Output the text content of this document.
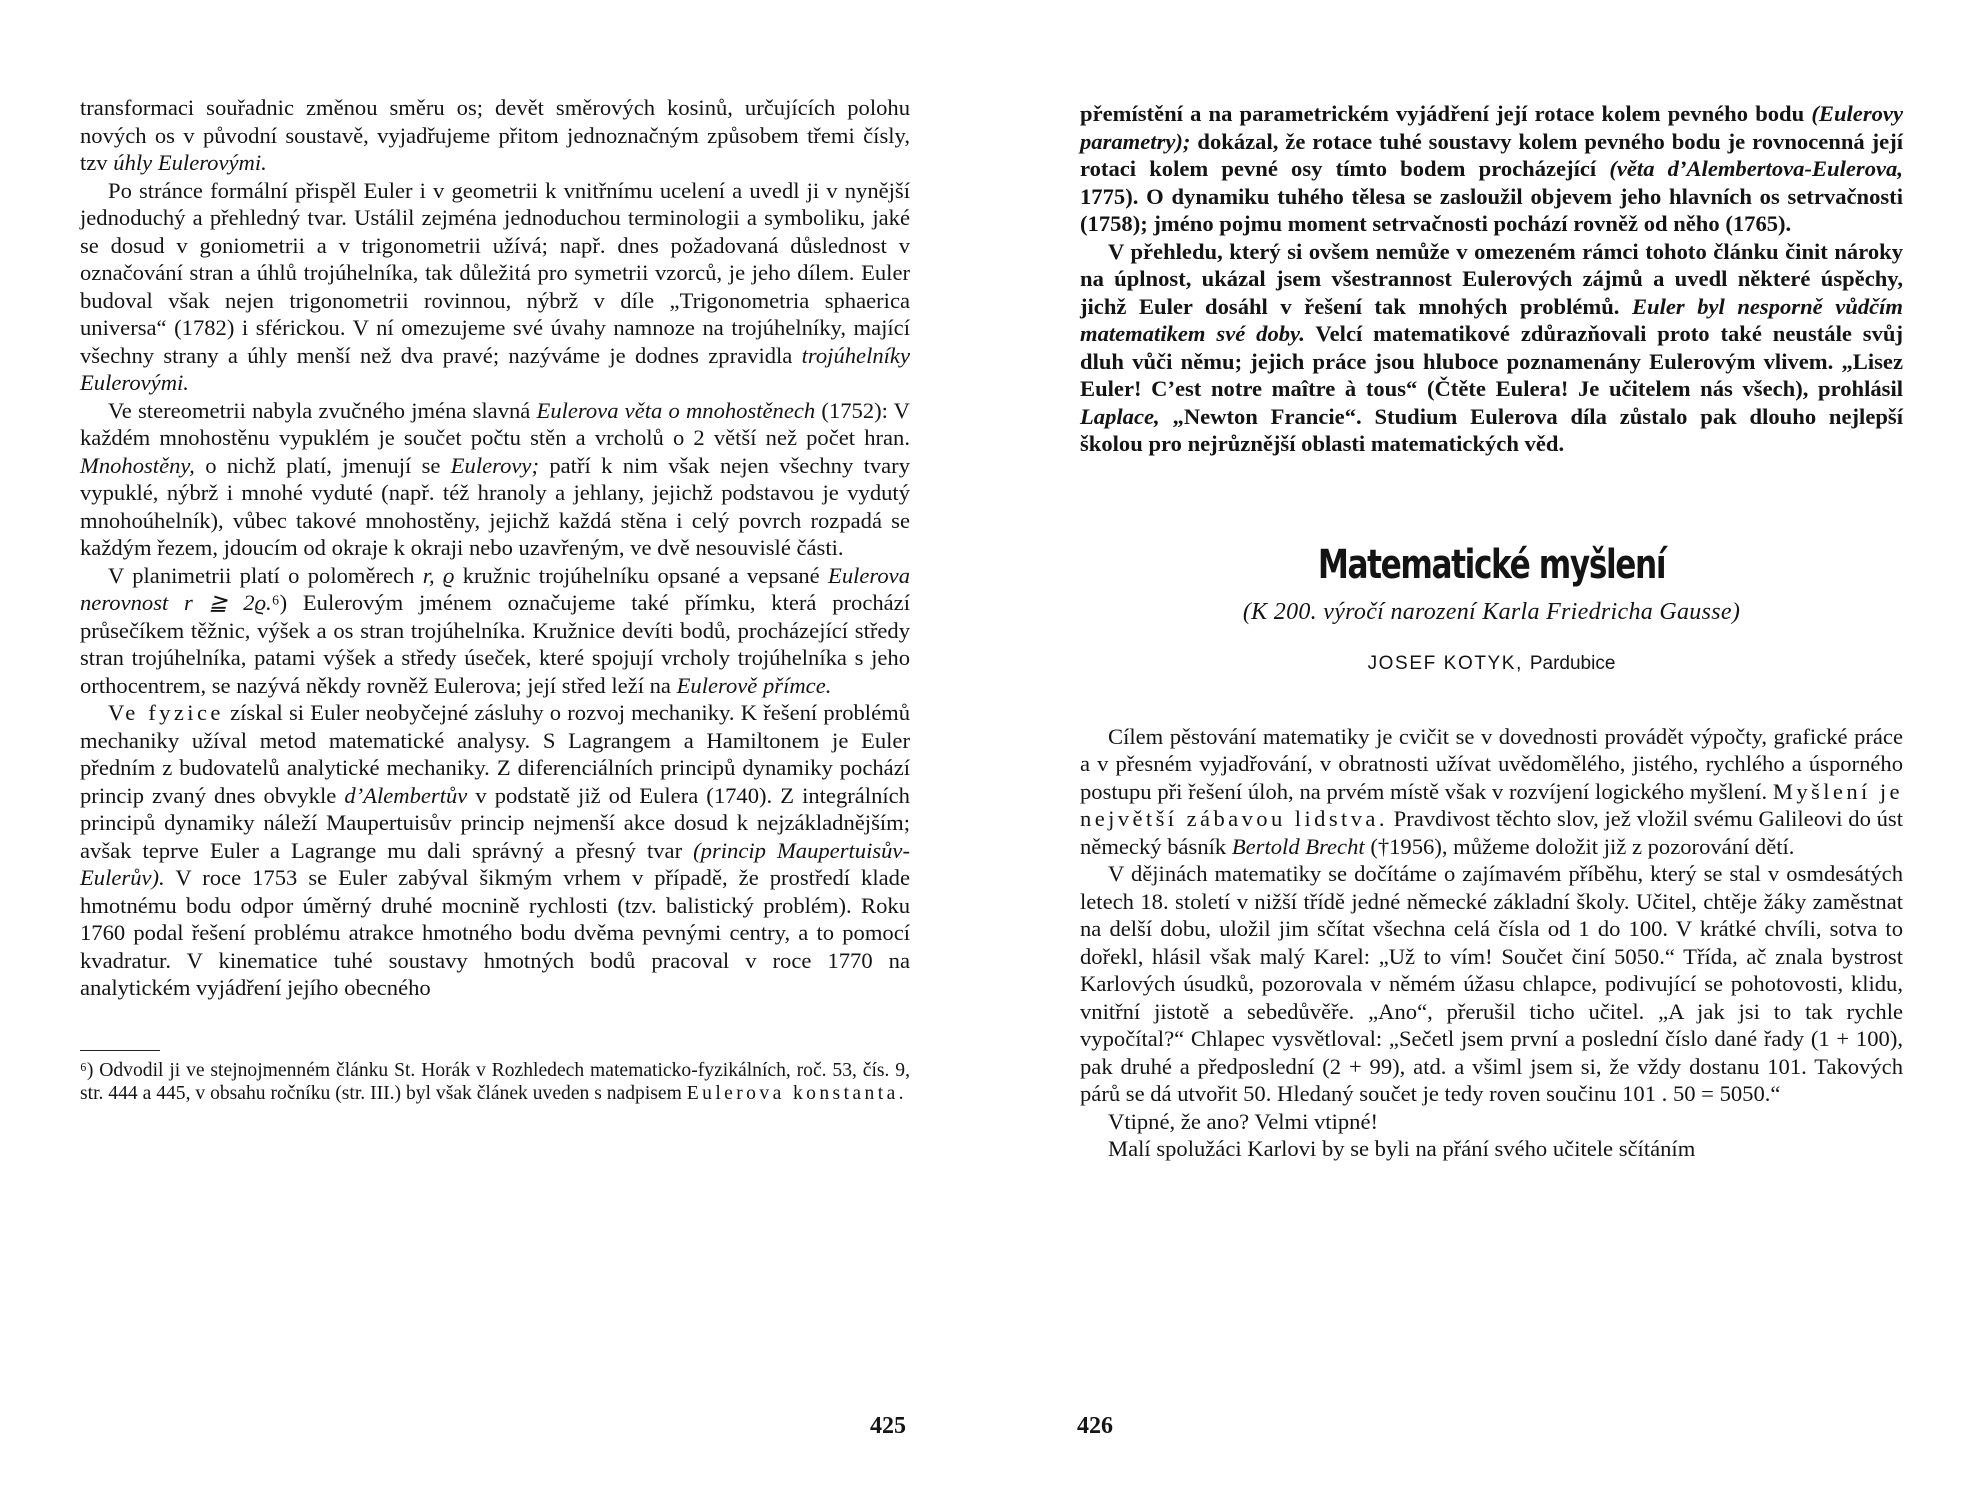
transformaci souřadnic změnou směru os; devět směrových kosinů, určujících polohu nových os v původní soustavě, vyjadřujeme přitom jednoznačným způsobem třemi čísly, tzv úhly Eulerovými.

Po stránce formální přispěl Euler i v geometrii k vnitřnímu ucelení a uvedl ji v nynější jednoduchý a přehledný tvar. Ustálil zejména jednoduchou terminologii a symboliku, jaké se dosud v goniometrii a v trigonometrii užívá; např. dnes požadovaná důslednost v označování stran a úhlů trojúhelníka, tak důležitá pro symetrii vzorců, je jeho dílem. Euler budoval však nejen trigonometrii rovinnou, nýbrž v díle „Trigonometria sphaerica universa“ (1782) i sférickou. V ní omezujeme své úvahy namnoze na trojúhelníky, mající všechny strany a úhly menší než dva pravé; nazýváme je dodnes zpravidla trojúhelníky Eulerovými.

Ve stereometrii nabyla zvučného jména slavná Eulerova věta o mnohostěnech (1752): V každém mnohostěnu vypuklém je součet počtu stěn a vrcholů o 2 větší než počet hran. Mnohostěny, o nichž platí, jmenují se Eulerovy; patří k nim však nejen všechny tvary vypuklé, nýbrž i mnohé vyduté (např. též hranoly a jehlany, jejichž podstavou je vydutý mnohoúhelník), vůbec takové mnohostěny, jejichž každá stěna i celý povrch rozpadá se každým řezem, jdoucím od okraje k okraji nebo uzavřeným, ve dvě nesouvislé části.

V planimetrii platí o poloměrech r, ϱ kružnic trojúhelníku opsané a vepsané Eulerova nerovnost r ≧ 2ϱ.⁶) Eulerovým jménem označujeme také přímku, která prochází průsečíkem těžnic, výšek a os stran trojúhelníka. Kružnice devíti bodů, procházející středy stran trojúhelníka, patami výšek a středy úseček, které spojují vrcholy trojúhelníka s jeho orthocentrem, se nazývá někdy rovněž Eulerova; její střed leží na Eulerově přímce.

Ve fyzice získal si Euler neobyčejné zásluhy o rozvoj mechaniky. K řešení problémů mechaniky užíval metod matematické analysy. S Lagrangem a Hamiltonem je Euler předním z budovatelů analytické mechaniky. Z diferenciálních principů dynamiky pochází princip zvaný dnes obvykle d’Alembertův v podstatě již od Eulera (1740). Z integrálních principů dynamiky náleží Maupertuisův princip nejmenší akce dosud k nejzákladnějším; avšak teprve Euler a Lagrange mu dali správný a přesný tvar (princip Maupertuisův-Eulerův). V roce 1753 se Euler zabýval šikmým vrhem v případě, že prostředí klade hmotnému bodu odpor úměrný druhé mocnině rychlosti (tzv. balistický problém). Roku 1760 podal řešení problému atrakce hmotného bodu dvěma pevnými centry, a to pomocí kvadratur. V kinematice tuhé soustavy hmotných bodů pracoval v roce 1770 na analytickém vyjádření jejího obecného

⁶) Odvodil ji ve stejnojmenném článku St. Horák v Rozhledech matematicko-fyzikálních, roč. 53, čís. 9, str. 444 a 445, v obsahu ročníku (str. III.) byl však článek uveden s nadpisem Eulerova konstanta.

425

přemístění a na parametrickém vyjádření její rotace kolem pevného bodu (Eulerovy parametry); dokázal, že rotace tuhé soustavy kolem pevného bodu je rovnocenná její rotaci kolem pevné osy tímto bodem procházející (věta d’Alembertova-Eulerova, 1775). O dynamiku tuhého tělesa se zasloužil objevem jeho hlavních os setrvačnosti (1758); jméno pojmu moment setrvačnosti pochází rovněž od něho (1765).

V přehledu, který si ovšem nemůže v omezeném rámci tohoto článku činit nároky na úplnost, ukázal jsem všestrannost Eulerových zájmů a uvedl některé úspěchy, jichž Euler dosáhl v řešení tak mnohých problémů. Euler byl nesporně vůdčím matematikem své doby. Velcí matematikové zdůrazňovali proto také neustále svůj dluh vůči němu; jejich práce jsou hluboce poznamenány Eulerovým vlivem. „Lisez Euler! C’est notre maître à tous“ (Čtěte Eulera! Je učitelem nás všech), prohlásil Laplace, „Newton Francie“. Studium Eulerova díla zůstalo pak dlouho nejlepší školou pro nejrůznější oblasti matematických věd.

Matematické myšlení
(K 200. výročí narození Karla Friedricha Gausse)
JOSEF KOTYK, Pardubice

Cílem pěstování matematiky je cvičit se v dovednosti provádět výpočty, grafické práce a v přesném vyjadřování, v obratnosti užívat uvědomělého, jistého, rychlého a úsporného postupu při řešení úloh, na prvém místě však v rozvíjení logického myšlení. Myšlení je největší zábavou lidstva. Pravdivost těchto slov, jež vložil svému Galileovi do úst německý básník Bertold Brecht (†1956), můžeme doložit již z pozorování dětí.

V dějinách matematiky se dočítáme o zajímavém příběhu, který se stal v osmdesátých letech 18. století v nižší třídě jedné německé základní školy. Učitel, chtěje žáky zaměstnat na delší dobu, uložil jim sčítat všechna celá čísla od 1 do 100. V krátké chvíli, sotva to dořekl, hlásil však malý Karel: „Už to vím! Součet činí 5050.“ Třída, ač znala bystrost Karlových úsudků, pozorovala v němém úžasu chlapce, podivující se pohotovosti, klidu, vnitřní jistotě a sebedůvěře. „Ano“, přerušil ticho učitel. „A jak jsi to tak rychle vypočítal?“ Chlapec vysvětloval: „Sečetl jsem první a poslední číslo dané řady (1 + 100), pak druhé a předposlední (2 + 99), atd. a všiml jsem si, že vždy dostanu 101. Takových párů se dá utvořit 50. Hledaný součet je tedy roven součinu 101 . 50 = 5050.“

Vtipné, že ano? Velmi vtipné!

Malí spolužáci Karlovi by se byli na přání svého učitele sčítáním

426
